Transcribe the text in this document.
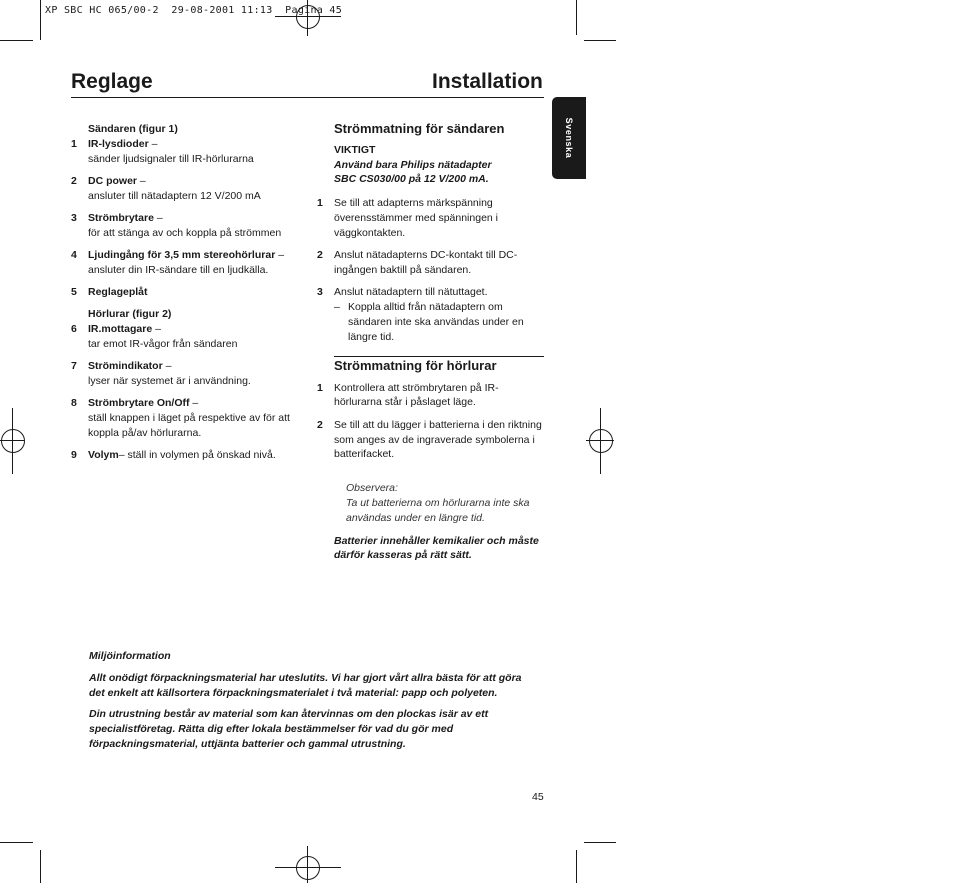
XP SBC HC 065/00-2  29-08-2001 11:13  Pagina 45
Reglage	Installation
Svenska
Sändaren (figur 1)
1 IR-lysdioder –
sänder ljudsignaler till IR-hörlurarna
2 DC power –
ansluter till nätadaptern 12 V/200 mA
3 Strömbrytare –
för att stänga av och koppla på strömmen
4 Ljudingång för 3,5 mm stereohörlurar –
ansluter din IR-sändare till en ljudkälla.
5 Reglageplåt
Hörlurar (figur 2)
6 IR.mottagare –
tar emot IR-vågor från sändaren
7 Strömindikator –
lyser när systemet är i användning.
8 Strömbrytare On/Off –
ställ knappen i läget på respektive av för att koppla på/av hörlurarna.
9 Volym– ställ in volymen på önskad nivå.
Strömmatning för sändaren
VIKTIGT
Använd bara Philips nätadapter
SBC CS030/00 på 12 V/200 mA.
1 Se till att adapterns märkspänning överensstämmer med spänningen i väggkontakten.
2 Anslut nätadapterns DC-kontakt till DC-ingången baktill på sändaren.
3 Anslut nätadaptern till nätuttaget.
– Koppla alltid från nätadaptern om sändaren inte ska användas under en längre tid.
Strömmatning för hörlurar
1 Kontrollera att strömbrytaren på IR-hörlurarna står i påslaget läge.
2 Se till att du lägger i batterierna i den riktning som anges av de ingraverade symbolerna i batterifacket.
Observera:
Ta ut batterierna om hörlurarna inte ska användas under en längre tid.
Batterier innehåller kemikalier och måste därför kasseras på rätt sätt.
Miljöinformation
Allt onödigt förpackningsmaterial har uteslutits. Vi har gjort vårt allra bästa för att göra det enkelt att källsortera förpackningsmaterialet i två material: papp och polyeten.
Din utrustning består av material som kan återvinnas om den plockas isär av ett specialistföretag. Rätta dig efter lokala bestämmelser för vad du gör med förpackningsmaterial, uttjänta batterier och gammal utrustning.
45
